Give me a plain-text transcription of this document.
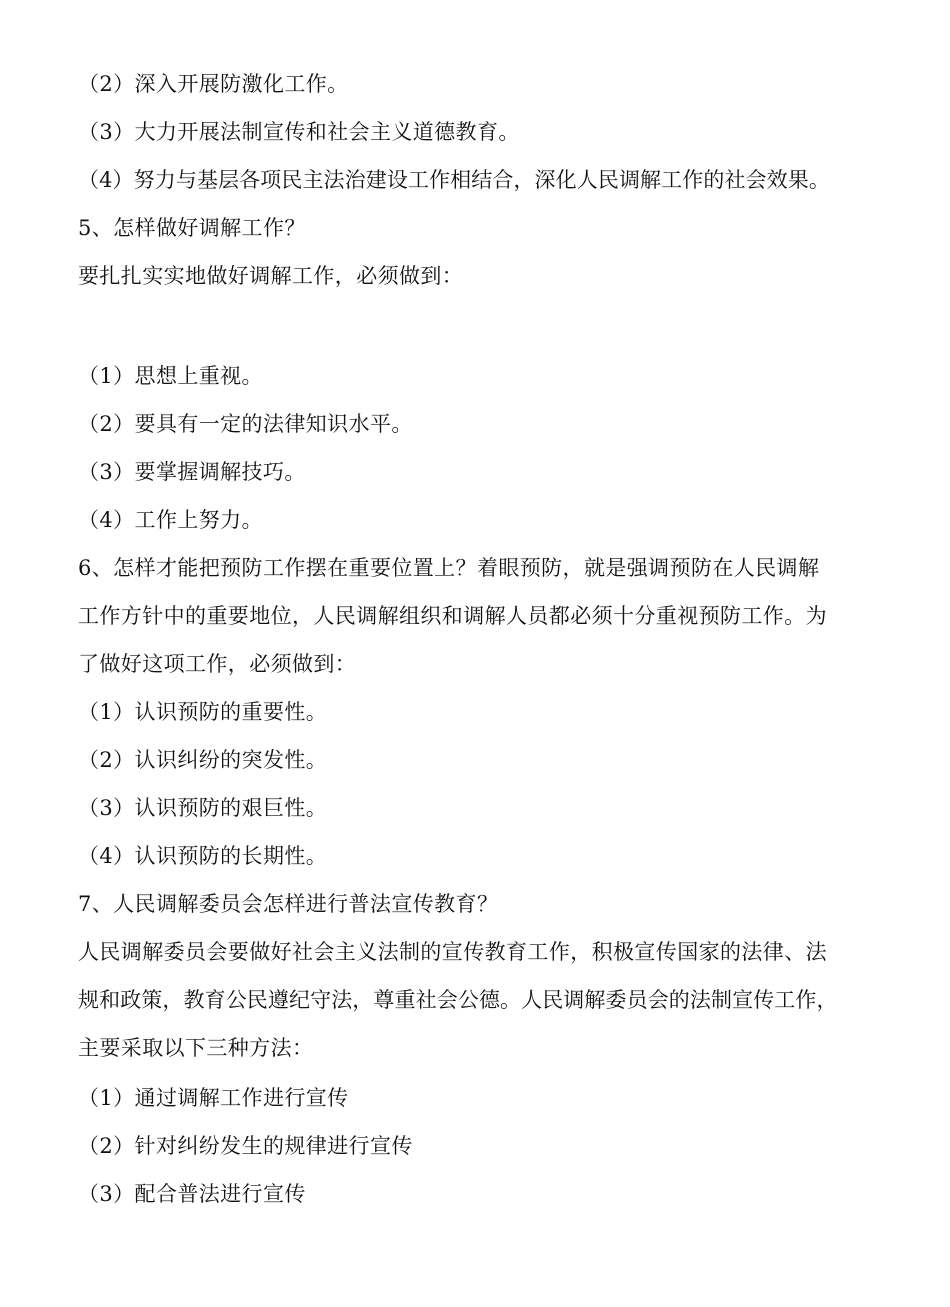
（2）深入开展防激化工作。
（3）大力开展法制宣传和社会主义道德教育。
（4）努力与基层各项民主法治建设工作相结合，深化人民调解工作的社会效果。
5、怎样做好调解工作？
要扎扎实实地做好调解工作，必须做到：
（1）思想上重视。
（2）要具有一定的法律知识水平。
（3）要掌握调解技巧。
（4）工作上努力。
6、怎样才能把预防工作摆在重要位置上？着眼预防，就是强调预防在人民调解
工作方针中的重要地位，人民调解组织和调解人员都必须十分重视预防工作。为
了做好这项工作，必须做到：
（1）认识预防的重要性。
（2）认识纠纷的突发性。
（3）认识预防的艰巨性。
（4）认识预防的长期性。
7、人民调解委员会怎样进行普法宣传教育？
人民调解委员会要做好社会主义法制的宣传教育工作，积极宣传国家的法律、法
规和政策，教育公民遵纪守法，尊重社会公德。人民调解委员会的法制宣传工作，
主要采取以下三种方法：
（1）通过调解工作进行宣传
（2）针对纠纷发生的规律进行宣传
（3）配合普法进行宣传
